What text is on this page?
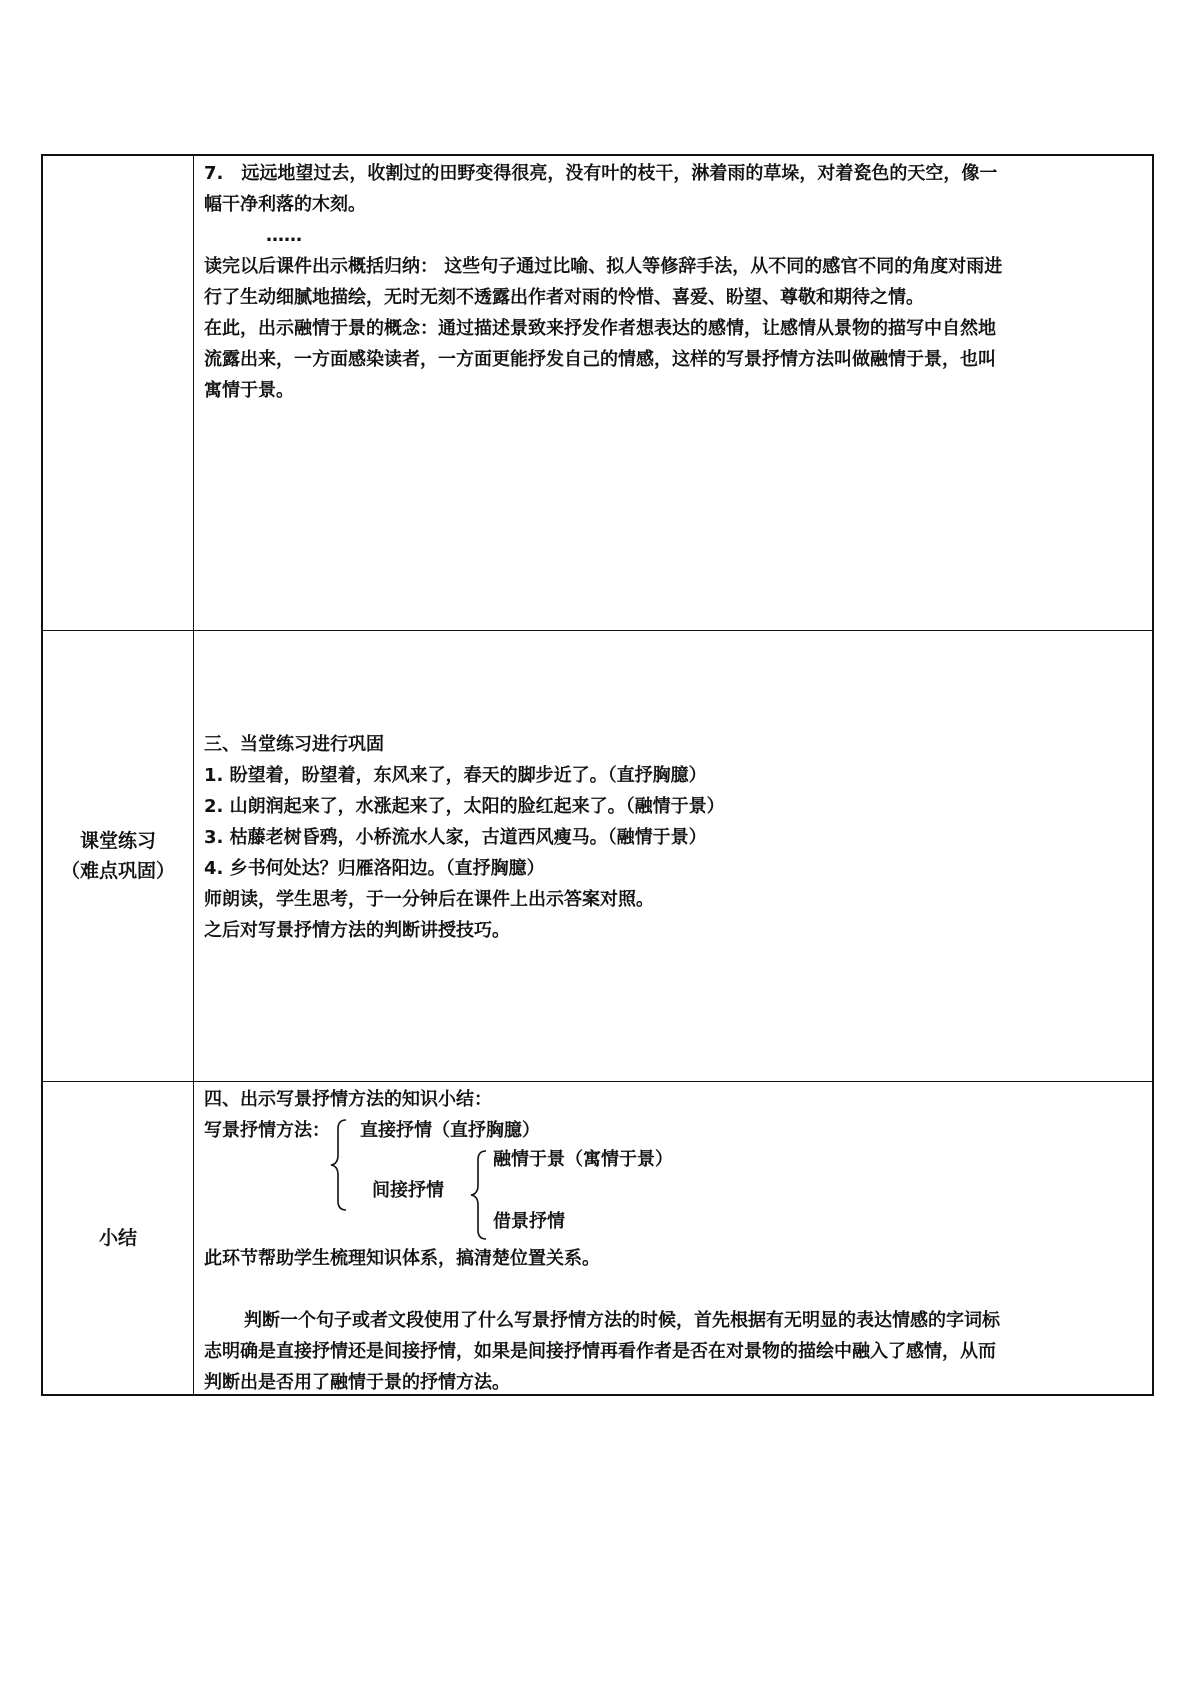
7.　远远地望过去，收割过的田野变得很亮，没有叶的枝干，淋着雨的草垛，对着瓷色的天空，像一

幅干净利落的木刻。

……

读完以后课件出示概括归纳： 这些句子通过比喻、拟人等修辞手法，从不同的感官不同的角度对雨进

行了生动细腻地描绘，无时无刻不透露出作者对雨的怜惜、喜爱、盼望、尊敬和期待之情。

在此，出示融情于景的概念：通过描述景致来抒发作者想表达的感情，让感情从景物的描写中自然地

流露出来，一方面感染读者，一方面更能抒发自己的情感，这样的写景抒情方法叫做融情于景，也叫

寓情于景。

课堂练习
（难点巩固）

三、当堂练习进行巩固

1. 盼望着，盼望着，东风来了，春天的脚步近了。（直抒胸臆）

2. 山朗润起来了，水涨起来了，太阳的脸红起来了。（融情于景）

3. 枯藤老树昏鸦，小桥流水人家，古道西风瘦马。（融情于景）

4. 乡书何处达？归雁洛阳边。（直抒胸臆）

师朗读，学生思考，于一分钟后在课件上出示答案对照。

之后对写景抒情方法的判断讲授技巧。

小结

四、出示写景抒情方法的知识小结：

写景抒情方法： 直接抒情（直抒胸臆）
融情于景（寓情于景）
间接抒情
借景抒情

此环节帮助学生梳理知识体系，搞清楚位置关系。

判断一个句子或者文段使用了什么写景抒情方法的时候，首先根据有无明显的表达情感的字词标

志明确是直接抒情还是间接抒情，如果是间接抒情再看作者是否在对景物的描绘中融入了感情，从而

判断出是否用了融情于景的抒情方法。
